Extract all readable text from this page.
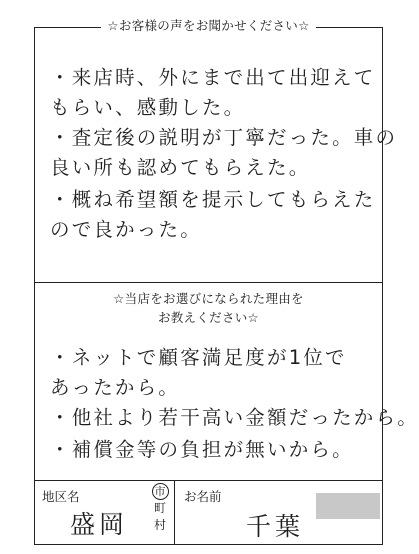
☆お客様の声をお聞かせください☆
・来店時、外にまで出て出迎えて
もらい、感動した。
・査定後の説明が丁寧だった。車の
良い所も認めてもらえた。
・概ね希望額を提示してもらえた
ので良かった。
☆当店をお選びになられた理由を
お教えください☆
・ネットで顧客満足度が1位で
あったから。
・他社より若干高い金額だったから。
・補償金等の負担が無いから。
地区名	市
町
村
盛岡
お名前
千葉
